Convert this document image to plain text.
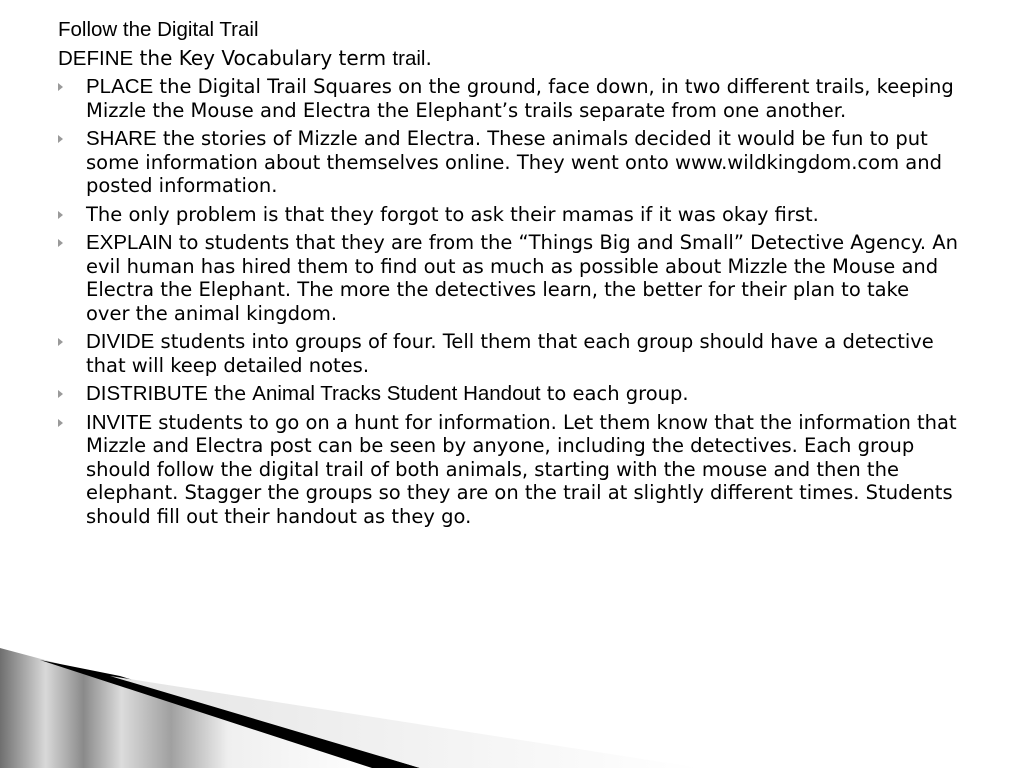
Follow the Digital Trail

DEFINE the Key Vocabulary term trail.

PLACE the Digital Trail Squares on the ground, face down, in two different trails, keeping Mizzle the Mouse and Electra the Elephant’s trails separate from one another.
SHARE the stories of Mizzle and Electra. These animals decided it would be fun to put some information about themselves online. They went onto www.wildkingdom.com and posted information.
The only problem is that they forgot to ask their mamas if it was okay first.
EXPLAIN to students that they are from the “Things Big and Small” Detective Agency. An evil human has hired them to find out as much as possible about Mizzle the Mouse and Electra the Elephant. The more the detectives learn, the better for their plan to take over the animal kingdom.
DIVIDE students into groups of four. Tell them that each group should have a detective that will keep detailed notes.
DISTRIBUTE the Animal Tracks Student Handout to each group.
INVITE students to go on a hunt for information. Let them know that the information that Mizzle and Electra post can be seen by anyone, including the detectives. Each group should follow the digital trail of both animals, starting with the mouse and then the elephant. Stagger the groups so they are on the trail at slightly different times. Students should fill out their handout as they go.
